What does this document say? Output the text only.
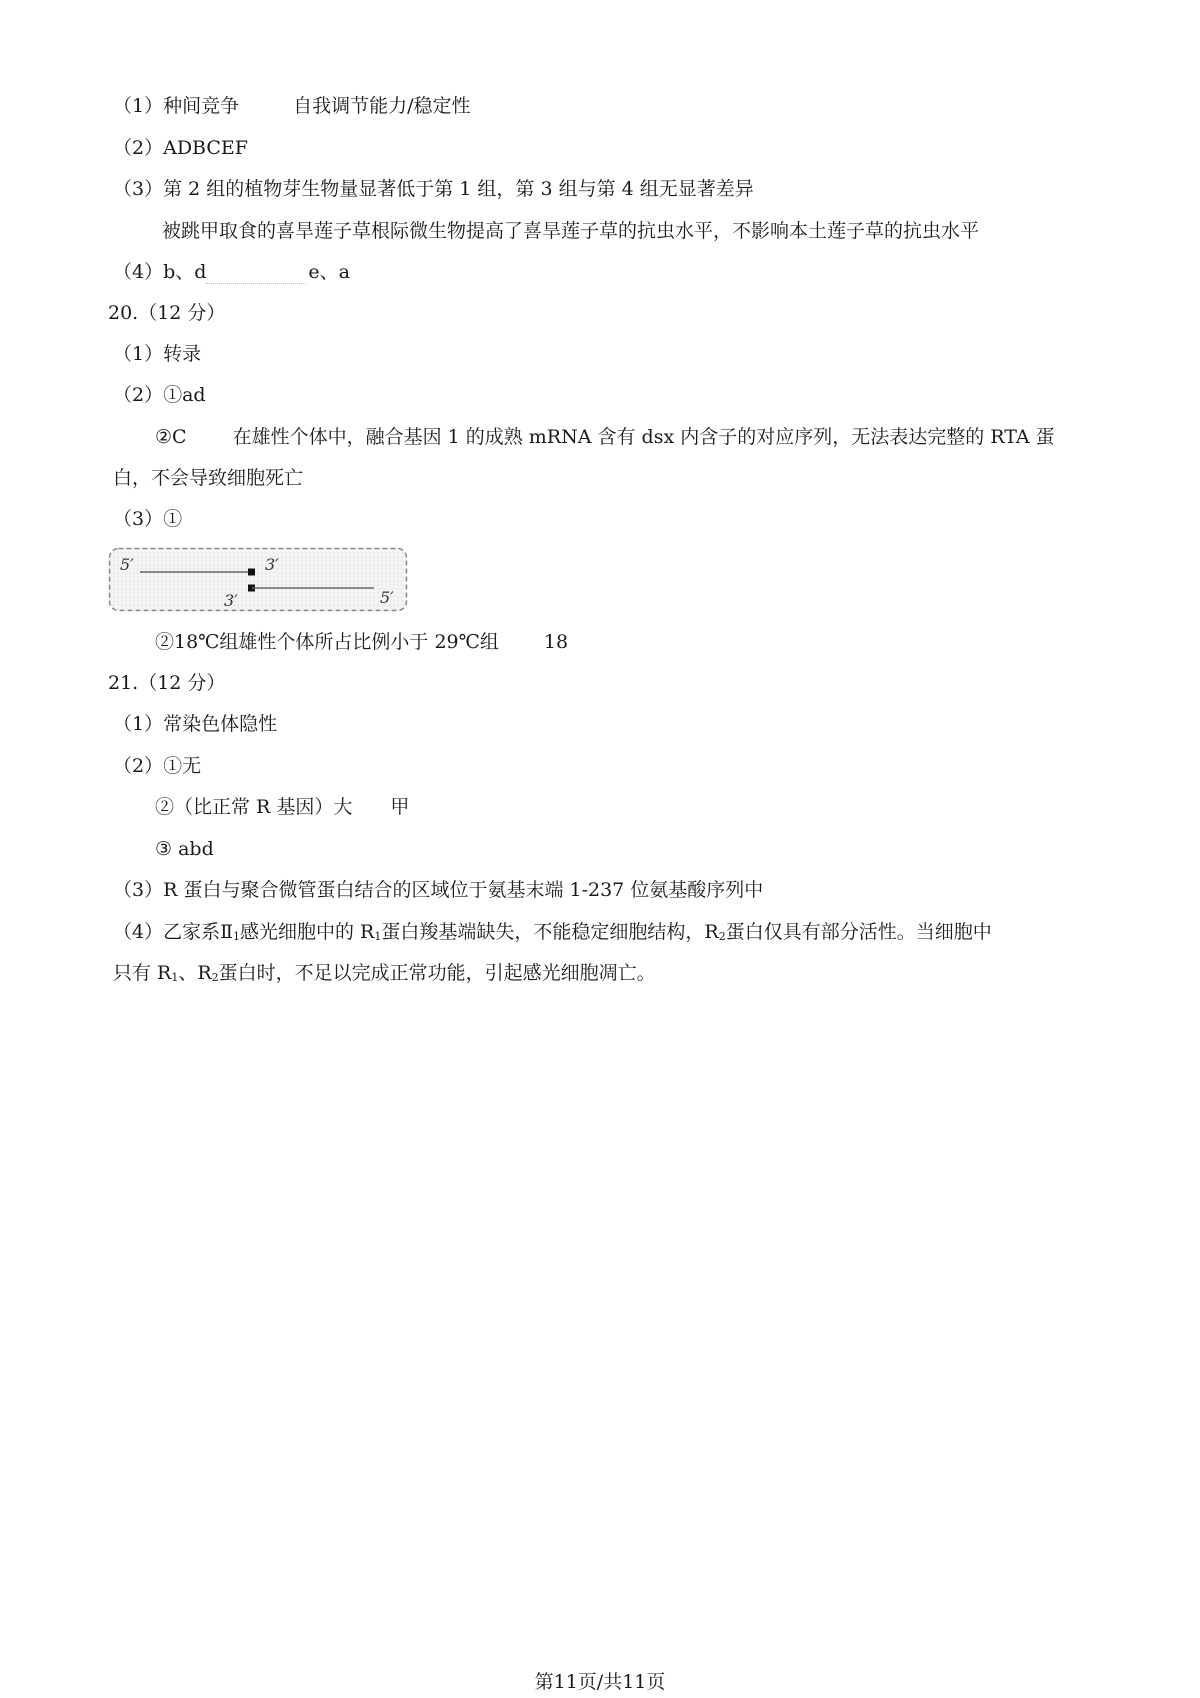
（1）种间竞争	自我调节能力/稳定性
（2）ADBCEF
（3）第 2 组的植物芽生物量显著低于第 1 组，第 3 组与第 4 组无显著差异
被跳甲取食的喜旱莲子草根际微生物提高了喜旱莲子草的抗虫水平，不影响本土莲子草的抗虫水平
（4）b、d	e、a
20.（12 分）
（1）转录
（2）①ad
②C 在雄性个体中，融合基因 1 的成熟 mRNA 含有 dsx 内含子的对应序列，无法表达完整的 RTA 蛋
白，不会导致细胞死亡
（3）①
5′	3′
3′	5′
②18℃组雄性个体所占比例小于 29℃组 18
21.（12 分）
（1）常染色体隐性
（2）①无
②（比正常 R 基因）大 甲
③ abd
（3）R 蛋白与聚合微管蛋白结合的区域位于氨基末端 1-237 位氨基酸序列中
（4）乙家系Ⅱ1感光细胞中的 R1蛋白羧基端缺失，不能稳定细胞结构，R2蛋白仅具有部分活性。当细胞中
只有 R1、R2蛋白时，不足以完成正常功能，引起感光细胞凋亡。
第11页/共11页
